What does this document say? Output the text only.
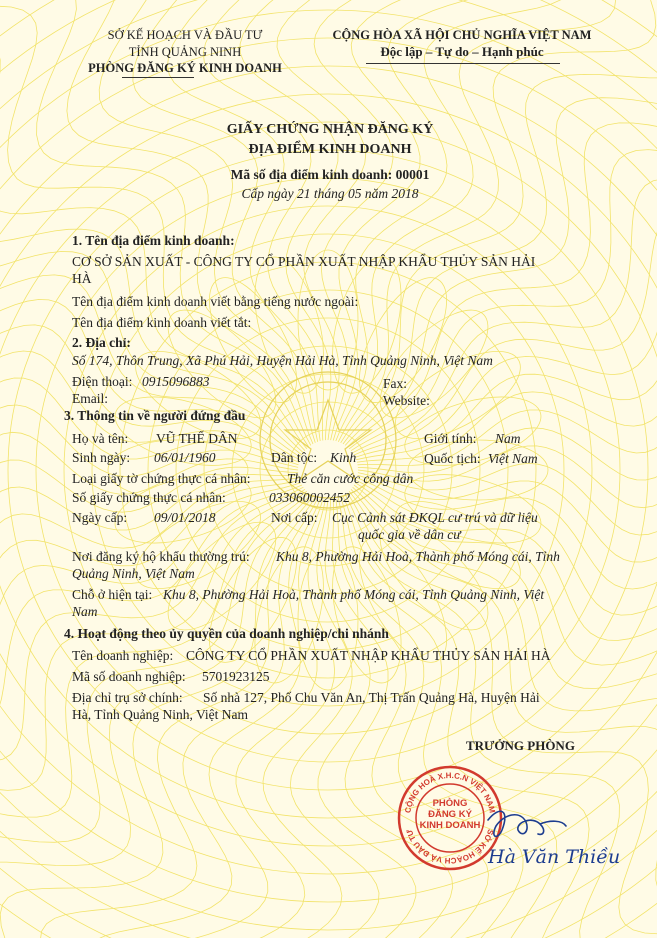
SỞ KẾ HOẠCH VÀ ĐẦU TƯ
TỈNH QUẢNG NINH
PHÒNG ĐĂNG KÝ KINH DOANH
CỘNG HÒA XÃ HỘI CHỦ NGHĨA VIỆT NAM
Độc lập – Tự do – Hạnh phúc
GIẤY CHỨNG NHẬN ĐĂNG KÝ
ĐỊA ĐIỂM KINH DOANH
Mã số địa điểm kinh doanh: 00001
Cấp ngày 21 tháng 05 năm 2018
1. Tên địa điểm kinh doanh:
CƠ SỞ SẢN XUẤT - CÔNG TY CỔ PHẦN XUẤT NHẬP KHẨU THỦY SẢN HẢI
HÀ
Tên địa điểm kinh doanh viết bằng tiếng nước ngoài:
Tên địa điểm kinh doanh viết tắt:
2. Địa chỉ:
Số 174, Thôn Trung, Xã Phú Hải, Huyện Hải Hà, Tỉnh Quảng Ninh, Việt Nam
Điện thoại: 0915096883	Fax:
Email:	Website:
3. Thông tin về người đứng đầu
Họ và tên: VŨ THẾ DÂN	Giới tính: Nam
Sinh ngày: 06/01/1960	Dân tộc: Kinh	Quốc tịch: Việt Nam
Loại giấy tờ chứng thực cá nhân:	Thẻ căn cước công dân
Số giấy chứng thực cá nhân:	033060002452
Ngày cấp: 09/01/2018	Nơi cấp: Cục Cảnh sát ĐKQL cư trú và dữ liệu
quốc gia về dân cư
Nơi đăng ký hộ khẩu thường trú: Khu 8, Phường Hải Hoà, Thành phố Móng cái, Tỉnh
Quảng Ninh, Việt Nam
Chỗ ở hiện tại: Khu 8, Phường Hải Hoà, Thành phố Móng cái, Tỉnh Quảng Ninh, Việt
Nam
4. Hoạt động theo ủy quyền của doanh nghiệp/chi nhánh
Tên doanh nghiệp: CÔNG TY CỔ PHẦN XUẤT NHẬP KHẨU THỦY SẢN HẢI HÀ
Mã số doanh nghiệp: 5701923125
Địa chỉ trụ sở chính: Số nhà 127, Phố Chu Văn An, Thị Trấn Quảng Hà, Huyện Hải
Hà, Tỉnh Quảng Ninh, Việt Nam
TRƯỞNG PHÒNG
CỘNG HOÀ X.H.C.N VIỆT NAM
SỞ KẾ HOẠCH VÀ ĐẦU TƯ
PHÒNG
ĐĂNG KÝ
KINH DOANH
Hà Văn Thiều
